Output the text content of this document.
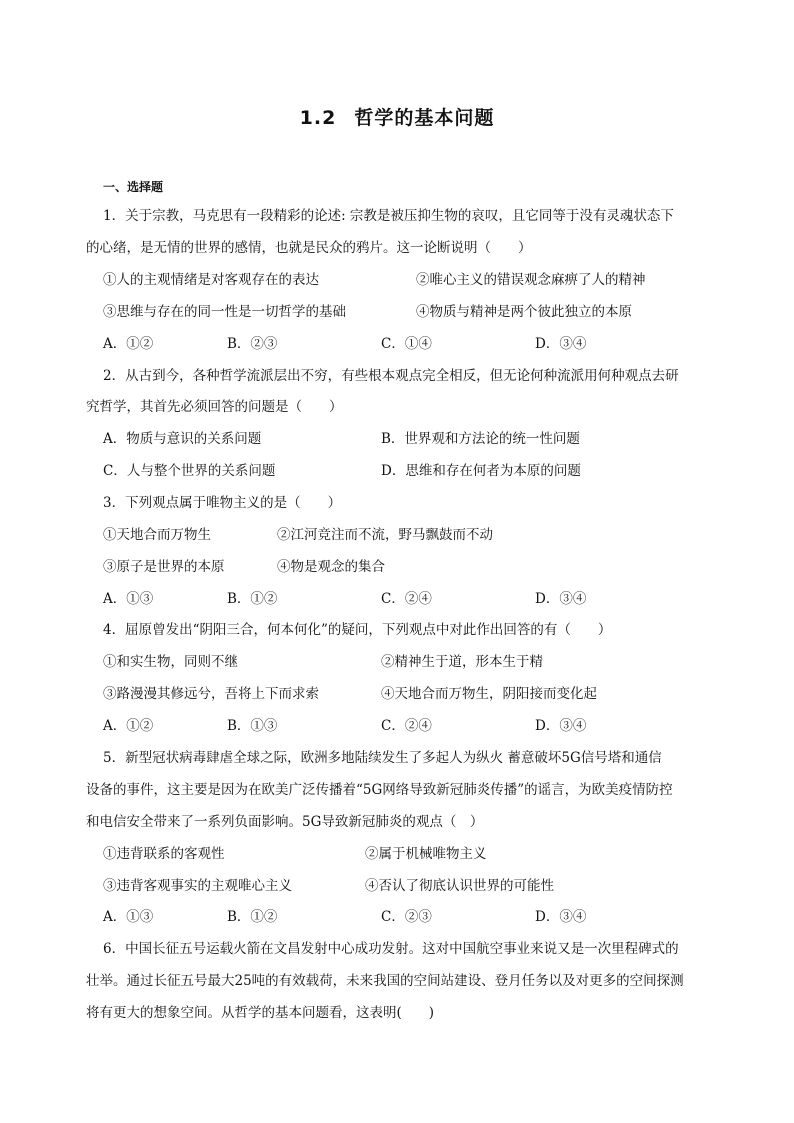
1.2 哲学的基本问题
一、选择题
1．关于宗教，马克思有一段精彩的论述: 宗教是被压抑生物的哀叹，且它同等于没有灵魂状态下
的心绪，是无情的世界的感情，也就是民众的鸦片。这一论断说明（　　）
①人的主观情绪是对客观存在的表达	②唯心主义的错误观念麻痹了人的精神
③思维与存在的同一性是一切哲学的基础	④物质与精神是两个彼此独立的本原
A．①②	B．②③	C．①④	D．③④
2．从古到今，各种哲学流派层出不穷，有些根本观点完全相反，但无论何种流派用何种观点去研
究哲学，其首先必须回答的问题是（　　）
A．物质与意识的关系问题	B．世界观和方法论的统一性问题
C．人与整个世界的关系问题	D．思维和存在何者为本原的问题
3．下列观点属于唯物主义的是（　　）
①天地合而万物生	②江河竞注而不流，野马飘鼓而不动
③原子是世界的本原	④物是观念的集合
A．①③	B．①②	C．②④	D．③④
4．屈原曾发出“阴阳三合，何本何化”的疑问，下列观点中对此作出回答的有（　　）
①和实生物，同则不继	②精神生于道，形本生于精
③路漫漫其修远兮，吾将上下而求索	④天地合而万物生，阴阳接而变化起
A．①②	B．①③	C．②④	D．③④
5．新型冠状病毒肆虐全球之际，欧洲多地陆续发生了多起人为纵火 蓄意破坏5G信号塔和通信
设备的事件，这主要是因为在欧美广泛传播着“5G网络导致新冠肺炎传播”的谣言，为欧美疫情防控
和电信安全带来了一系列负面影响。5G导致新冠肺炎的观点（　）
①违背联系的客观性	②属于机械唯物主义
③违背客观事实的主观唯心主义	④否认了彻底认识世界的可能性
A．①③	B．①②	C．②③	D．③④
6．中国长征五号运载火箭在文昌发射中心成功发射。这对中国航空事业来说又是一次里程碑式的
壮举。通过长征五号最大25吨的有效载荷，未来我国的空间站建设、登月任务以及对更多的空间探测
将有更大的想象空间。从哲学的基本问题看，这表明(　　)
